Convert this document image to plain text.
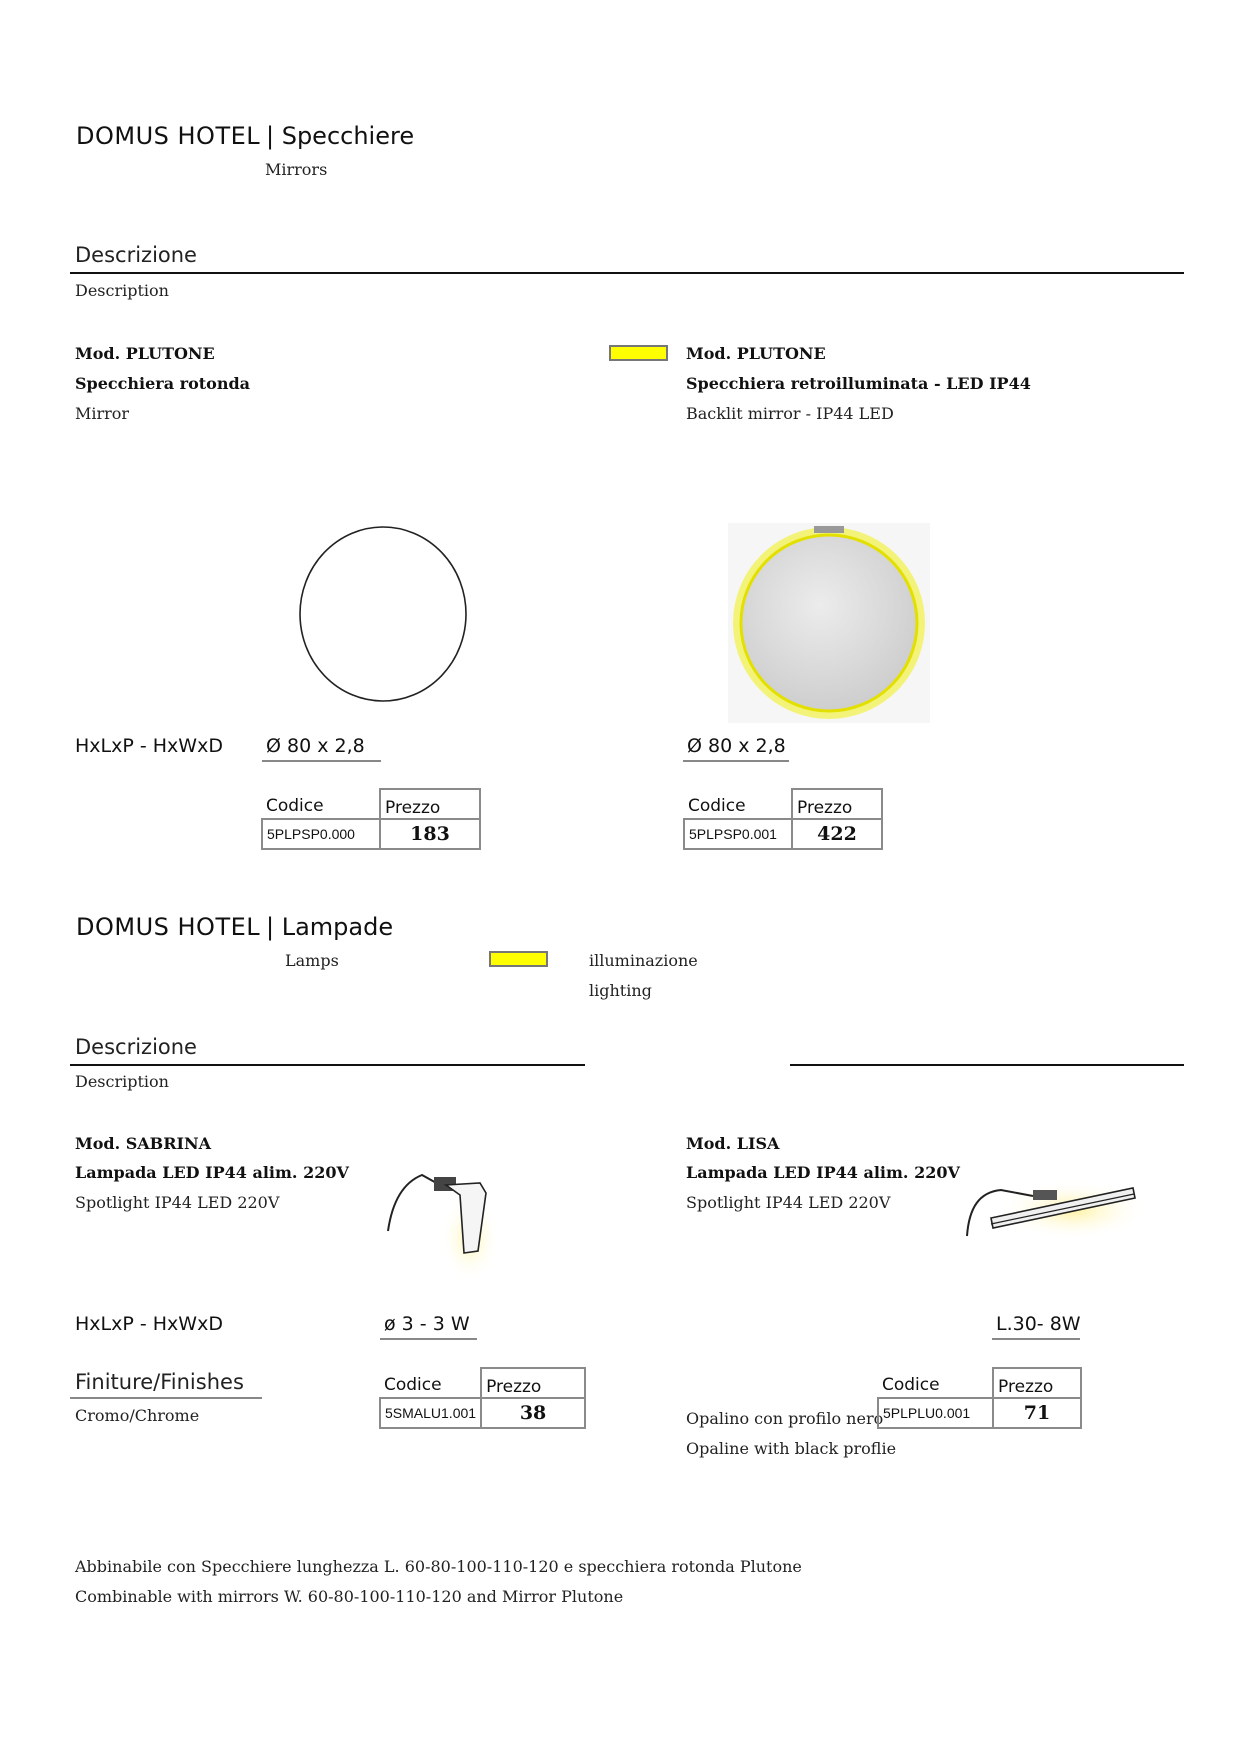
DOMUS HOTEL | Specchiere
Mirrors
Descrizione
Description
Mod. PLUTONE
Specchiera rotonda
Mirror
Mod. PLUTONE
Specchiera retroilluminata - LED IP44
Backlit mirror - IP44 LED
HxLxP - HxWxD Ø 80 x 2,8	Ø 80 x 2,8
Codice	Prezzo
5PLPSP0.000	183
Codice	Prezzo
5PLPSP0.001	422
DOMUS HOTEL | Lampade
Lamps	illuminazione
lighting
Descrizione
Description
Mod. SABRINA
Lampada LED IP44 alim. 220V
Spotlight IP44 LED 220V
Mod. LISA
Lampada LED IP44 alim. 220V
Spotlight IP44 LED 220V
HxLxP - HxWxD	ø 3 - 3 W	L.30- 8W
Finiture/Finishes
Cromo/Chrome	Opalino con profilo nero
Opaline with black proflie
Codice	Prezzo
5SMALU1.001	38
Codice	Prezzo
5PLPLU0.001	71
Abbinabile con Specchiere lunghezza L. 60-80-100-110-120 e specchiera rotonda Plutone
Combinable with mirrors W. 60-80-100-110-120 and Mirror Plutone
